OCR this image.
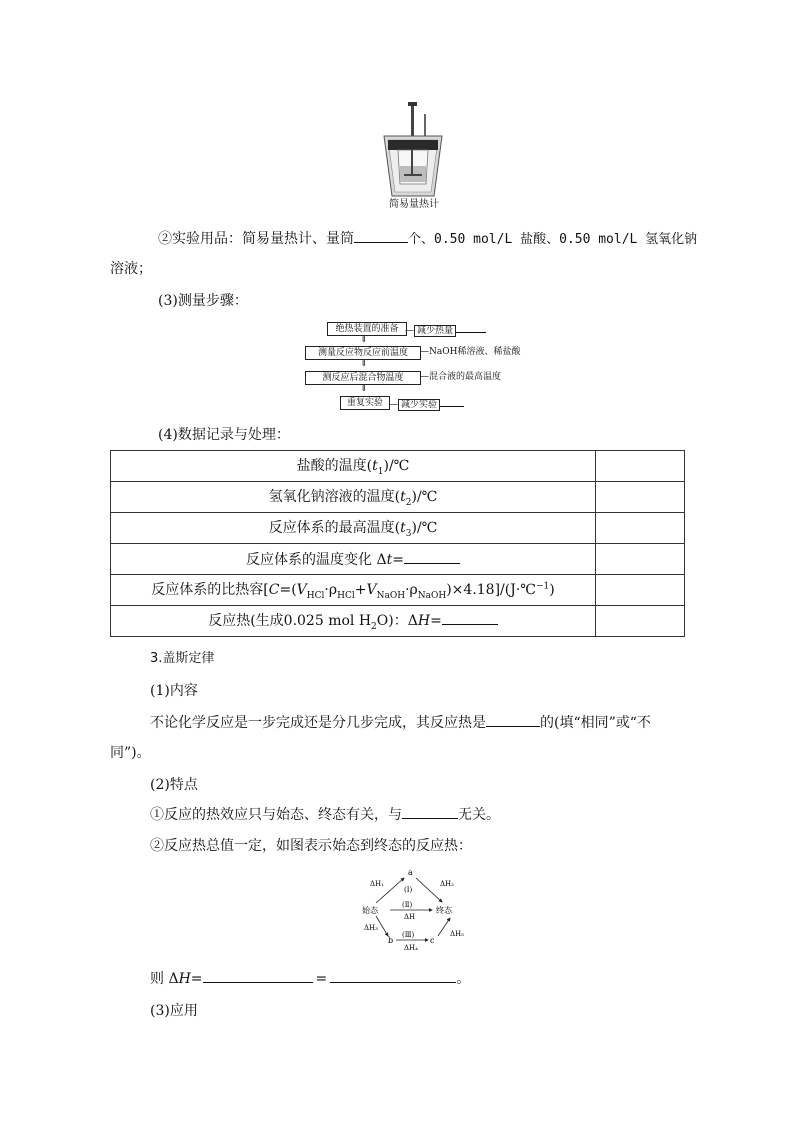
简易量热计
②实验用品：简易量热计、量筒	个、0.50 mol/L 盐酸、0.50 mol/L 氢氧化钠
溶液；
(3)测量步骤：
绝热装置的准备 — 减少热量
⇓
测量反应物反应前温度	—NaOH稀溶液、稀盐酸
⇓
测反应后混合物温度	—混合液的最高温度
⇓
重复实验 — 减少实验
(4)数据记录与处理：
盐酸的温度$(t_1)/℃$	
氢氧化钠溶液的温度$(t_2)/℃$	
反应体系的最高温度$(t_3)/℃$	
反应体系的温度变化 Δt=	
反应体系的比热容$[C=(V_{HCl}\cdot\rho_{HCl}+V_{NaOH}\cdot\rho_{NaOH})\times 4.18]/(J\cdot℃^{-1})$	
反应热(生成0.025 mol $H_2O$)：ΔH=	
3.盖斯定律
(1)内容
不论化学反应是一步完成还是分几步完成，其反应热是	的(填“相同”或“不
同”)。
(2)特点
①反应的热效应只与始态、终态有关，与	无关。
②反应热总值一定，如图表示始态到终态的反应热：
a
始态	终态
b	c
(Ⅰ)
(Ⅱ)
(Ⅲ)
ΔH₁	ΔH₂
ΔH
ΔH₃
ΔH₄
ΔH₅
则 ΔH=	=	。
(3)应用
